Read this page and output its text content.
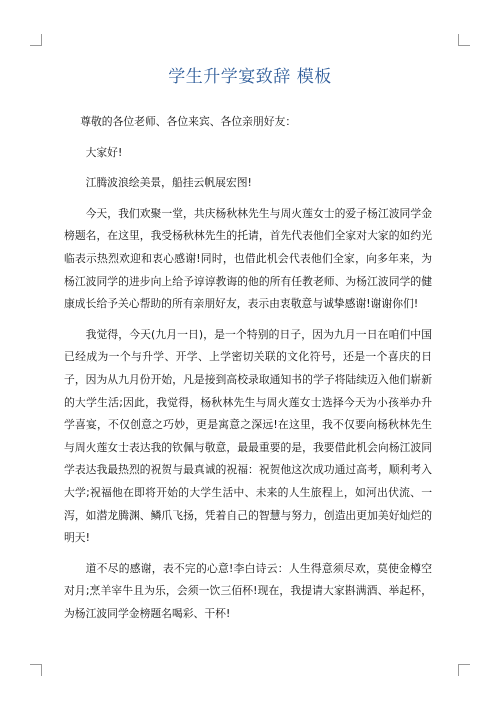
学生升学宴致辞 模板

尊敬的各位老师、各位来宾、各位亲朋好友：

大家好!

江腾波浪绘美景，船挂云帆展宏图!

今天，我们欢聚一堂，共庆杨秋林先生与周火莲女士的爱子杨江波同学金榜题名，在这里，我受杨秋林先生的托请，首先代表他们全家对大家的如约光临表示热烈欢迎和衷心感谢!同时，也借此机会代表他们全家，向多年来，为杨江波同学的进步向上给予谆谆教诲的他的所有任教老师、为杨江波同学的健康成长给予关心帮助的所有亲朋好友，表示由衷敬意与诚挚感谢!谢谢你们!

我觉得，今天(九月一日)，是一个特别的日子，因为九月一日在咱们中国已经成为一个与升学、开学、上学密切关联的文化符号，还是一个喜庆的日子，因为从九月份开始，凡是接到高校录取通知书的学子将陆续迈入他们崭新的大学生活;因此，我觉得，杨秋林先生与周火莲女士选择今天为小孩举办升学喜宴，不仅创意之巧妙，更是寓意之深远!在这里，我不仅要向杨秋林先生与周火莲女士表达我的钦佩与敬意，最最重要的是，我要借此机会向杨江波同学表达我最热烈的祝贺与最真诚的祝福：祝贺他这次成功通过高考，顺利考入大学;祝福他在即将开始的大学生活中、未来的人生旅程上，如河出伏流、一泻，如潜龙腾渊、鳞爪飞扬，凭着自己的智慧与努力，创造出更加美好灿烂的明天!

道不尽的感谢，表不完的心意!李白诗云：人生得意须尽欢，莫使金樽空对月;烹羊宰牛且为乐，会须一饮三佰杯!现在，我提请大家斟满酒、举起杯，为杨江波同学金榜题名喝彩、干杯!
